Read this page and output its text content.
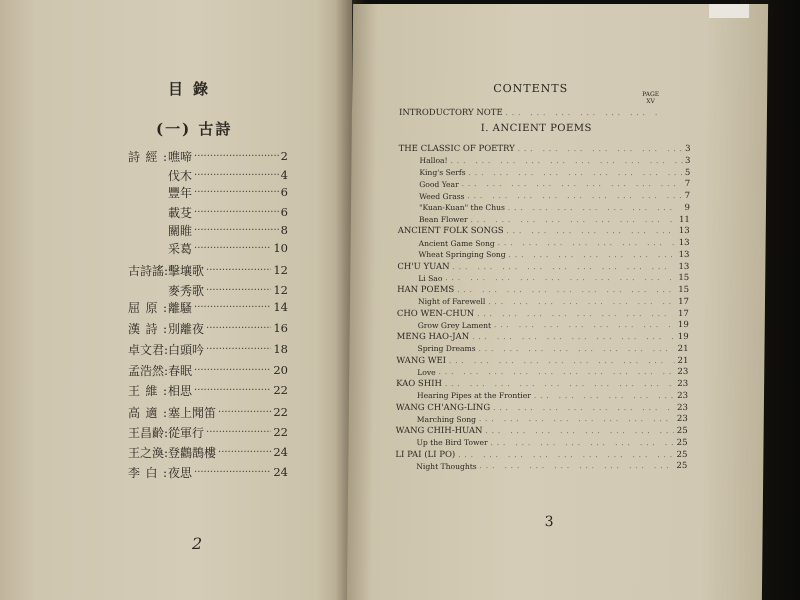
目錄
(一) 古詩
詩經: 噍啼 ·····	2
伐木 ·····	4
豐年 ·····	6
載芟 ·····	6
關睢 ·····	8
采葛 ·····	10
古詩謠: 擊壤歌 ·····	12
麥秀歌 ·····	12
屈原: 離騷 ·····	14
漢詩: 別離夜 ·····	16
卓文君: 白頭吟 ·····	18
孟浩然: 春眠 ·····	20
王維: 相思 ·····	22
高適: 塞上聞笛 ·····	22
王昌齡: 從軍行 ·····	22
王之渙: 登鸛鵲樓 ·····	24
李白: 夜思 ·····	24
2
CONTENTS	PAGE
XV
INTRODUCTORY NOTE
...
I. ANCIENT POEMS
THE CLASSIC OF POETRY ...	3
Halloa! ...	3
King's Serfs ...	5
Good Year ...	7
Weed Grass ...	7
"Kuan-Kuan" the Chus ...	9
Bean Flower ...	11
ANCIENT FOLK SONGS ...	13
Ancient Game Song ...	13
Wheat Springing Song ...	13
CH'U YUAN ...	13
Li Sao ...	15
HAN POEMS ...	15
Night of Farewell ...	17
CHO WEN-CHUN ...	17
Grow Grey Lament ...	19
MENG HAO-JAN ...	19
Spring Dreams ...	21
WANG WEI ...	21
Love ...	23
KAO SHIH ...	23
Hearing Pipes at the Frontier ...	23
WANG CH'ANG-LING ...	23
Marching Song ...	23
WANG CHIH-HUAN ...	25
Up the Bird Tower ...	25
LI PAI (LI PO) ...	25
Night Thoughts ...	25
3
